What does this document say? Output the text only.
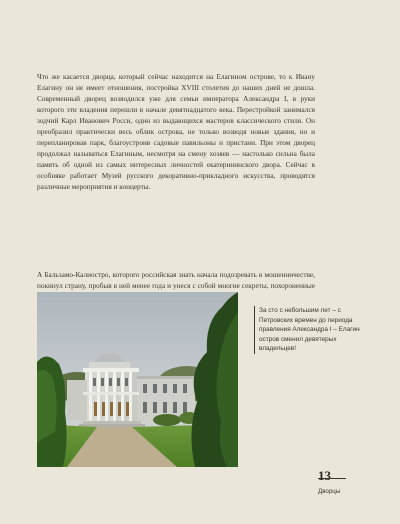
Что же касается дворца, который сейчас находится на Елагином острове, то к Ивану Елагину он не имеет отношения, постройка XVIII столетия до наших дней не дошла. Современный дворец возводился уже для семьи императора Александра I, в руки которого эти владения перешли в начале девятнадцатого века. Перестройкой занимался зодчий Карл Иванович Росси, один из выдающихся мастеров классического стиля. Он преобразил практически весь облик острова, не только возводя новые здания, но и перепланировав парк, благоустроив садовые павильоны и пристани. При этом дворец продолжал называться Елагиным, несмотря на смену хозяев — настолько сильна была память об одной из самых интересных личностей екатерининского двора. Сейчас в особняке работает Музей русского декоративно-прикладного искусства, проводятся различные мероприятия и концерты.

А Бальзамо-Калиостро, которого российская знать начала подозревать в мошенничестве, покинул страну, пробыв в ней менее года и унеся с собой многие секреты, похороненные

За сто с небольшим лет – с Петровских времен до периода правления Александра I – Елагин остров сменил девятерых владельцев!
13
Дворцы
